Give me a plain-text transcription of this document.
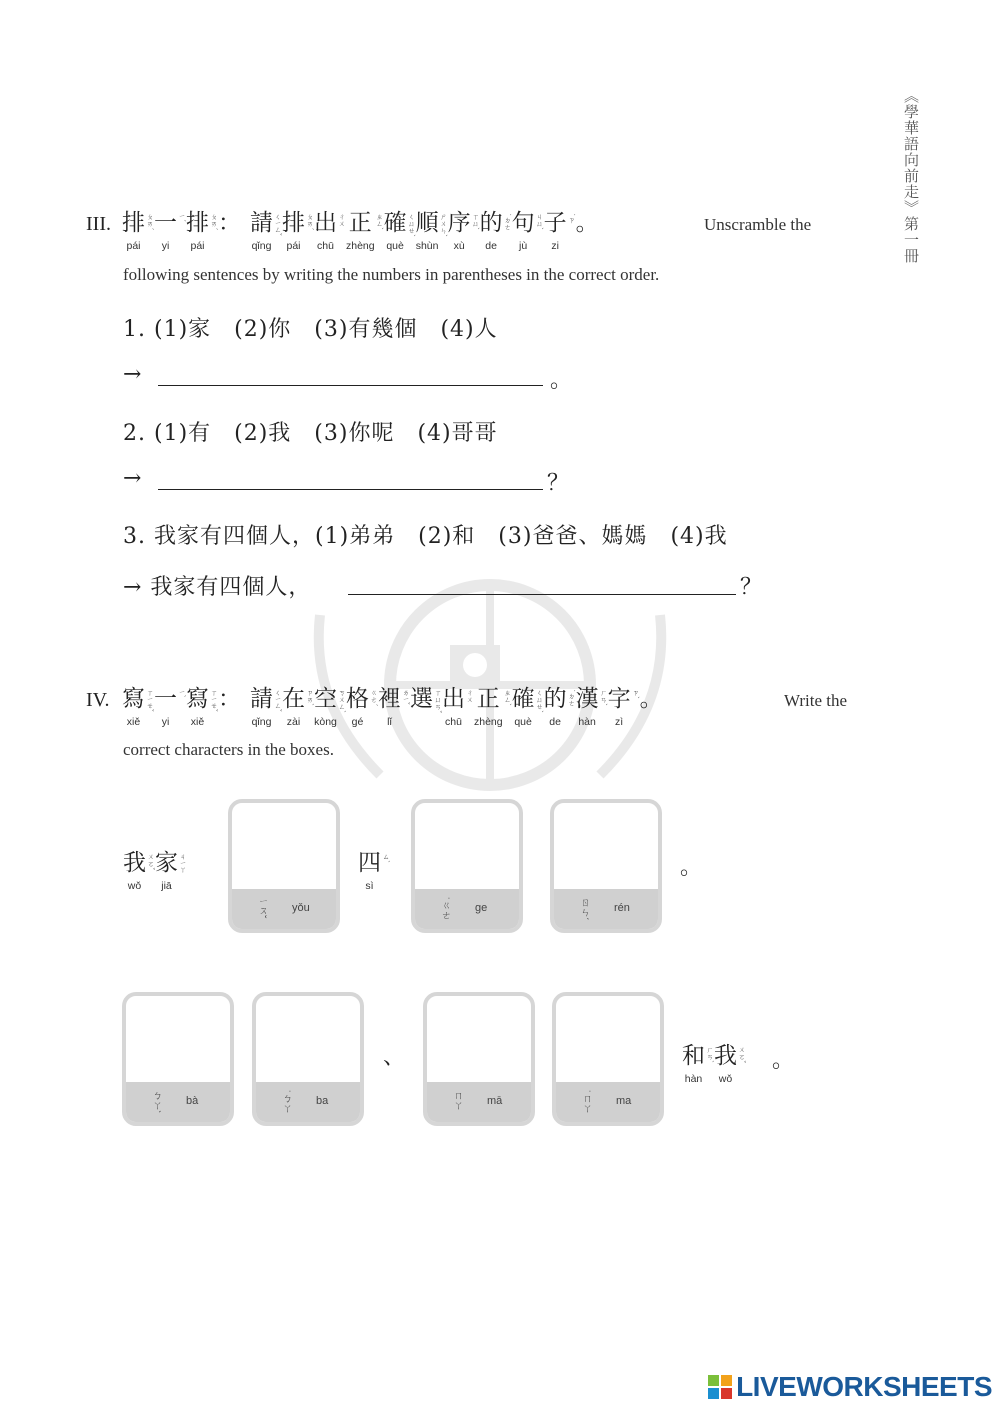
《學華語向前走》第一冊
III. 排 ㄆㄞˊ
pái
一 ㄧˊ
yi
排 ㄆㄞˊ
pái
：
請 ㄑㄧㄥˇ
qǐng
排 ㄆㄞˊ
pái
出 ㄔㄨ
chū
正 ㄓㄥˋ
zhèng
確 ㄑㄩㄝˋ
què
順 ㄕㄨㄣˋ
shùn
序 ㄒㄩˋ
xù
的 ˙ㄉㄜ
de
句 ㄐㄩˋ
jù
子 ˙ㄗ
zi
。
	Unscramble the
following sentences by writing the numbers in parentheses in the correct order.
1. (1)家　(2)你　(3)有幾個　(4)人
→	。
2. (1)有　(2)我　(3)你呢　(4)哥哥
→	？
3. 我家有四個人，(1)弟弟　(2)和　(3)爸爸、媽媽　(4)我
→ 我家有四個人，	？
IV. 寫 ㄒㄧㄝˇ
xiě
一 ㄧˋ
yi
寫 ㄒㄧㄝˇ
xiě
：
請 ㄑㄧㄥˇ
qǐng
在 ㄗㄞˋ
zài
空 ㄎㄨㄥˋ
kòng
格 ㄍㄜˊ
gé
裡 ㄌㄧˇ
lǐ
選 ㄒㄩㄢˇ
出 ㄔㄨ
chū
正 ㄓㄥˋ
zhèng
確 ㄑㄩㄝˋ
què
的 ˙ㄉㄜ
de
漢 ㄏㄢˋ
hàn
字 ㄗˋ
zì
。
	Write the
correct characters in the boxes.
我 ㄨㄛˇ
wǒ
家 ㄐㄧㄚ
jiā
四 ㄙˋ
sì
。
ㄧㄡˇ yǒu	˙ㄍㄜ ge	ㄖㄣˊ rén
ㄅㄚˋ bà	˙ㄅㄚ ba
、
ㄇㄚ mā	˙ㄇㄚ ma
和 ㄏㄢˋ
hàn
我 ㄨㄛˇ
wǒ
。
LIVEWORKSHEETS
